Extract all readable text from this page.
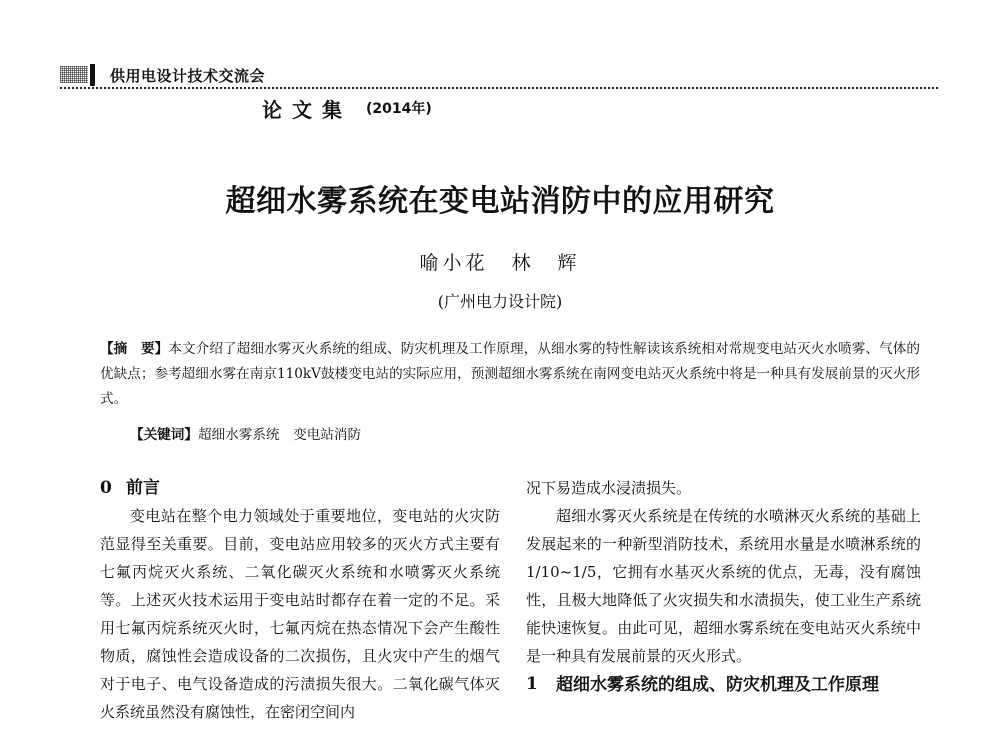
供用电设计技术交流会
论文集 (2014年)
超细水雾系统在变电站消防中的应用研究
喻小花　林　辉
(广州电力设计院)
【摘　要】本文介绍了超细水雾灭火系统的组成、防灾机理及工作原理，从细水雾的特性解读该系统相对常规变电站灭火水喷雾、气体的优缺点；参考超细水雾在南京110kV鼓楼变电站的实际应用，预测超细水雾系统在南网变电站灭火系统中将是一种具有发展前景的灭火形式。
【关键词】超细水雾系统　变电站消防
0 前言

变电站在整个电力领域处于重要地位，变电站的火灾防范显得至关重要。目前，变电站应用较多的灭火方式主要有七氟丙烷灭火系统、二氧化碳灭火系统和水喷雾灭火系统等。上述灭火技术运用于变电站时都存在着一定的不足。采用七氟丙烷系统灭火时，七氟丙烷在热态情况下会产生酸性物质，腐蚀性会造成设备的二次损伤，且火灾中产生的烟气对于电子、电气设备造成的污渍损失很大。二氧化碳气体灭火系统虽然没有腐蚀性，在密闭空间内

况下易造成水浸渍损失。

超细水雾灭火系统是在传统的水喷淋灭火系统的基础上发展起来的一种新型消防技术，系统用水量是水喷淋系统的1/10~1/5，它拥有水基灭火系统的优点，无毒，没有腐蚀性，且极大地降低了火灾损失和水渍损失，使工业生产系统能快速恢复。由此可见，超细水雾系统在变电站灭火系统中是一种具有发展前景的灭火形式。

1	超细水雾系统的组成、防灾机理及工作原理
